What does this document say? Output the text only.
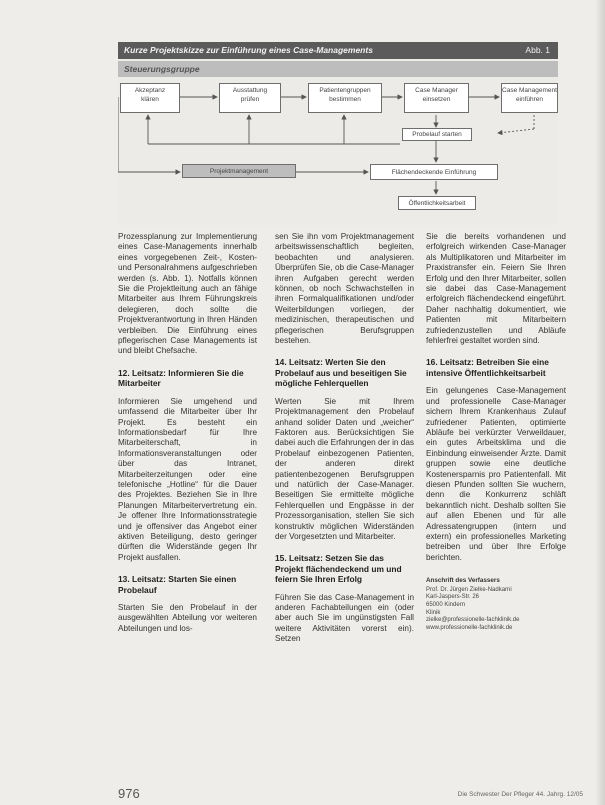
Kurze Projektskizze zur Einführung eines Case-Managements	Abb. 1
Steuerungsgruppe
Akzeptanz
klären
Ausstattung
prüfen
Patientengruppen
bestimmen
Case Manager
einsetzen
Case Management
einführen
Probelauf starten
Projektmanagement	Flächendeckende Einführung
Öffentlichkeitsarbeit

Prozessplanung zur Implementierung eines Case-Managements innerhalb eines vorgegebenen Zeit-, Kosten- und Personalrahmens aufgeschrieben werden (s. Abb. 1). Notfalls können Sie die Projektleitung auch an fähige Mitarbeiter aus Ihrem Führungskreis delegieren, doch sollte die Projektverantwortung in Ihren Händen verbleiben. Die Einführung eines pflegerischen Case Managements ist und bleibt Chefsache.

12. Leitsatz: Informieren Sie die Mitarbeiter

Informieren Sie umgehend und umfassend die Mitarbeiter über Ihr Projekt. Es besteht ein Informationsbedarf für Ihre Mitarbeiterschaft, in Informationsveranstaltungen oder über das Intranet, Mitarbeiterzeitungen oder eine telefonische „Hotline“ für die Dauer des Projektes. Beziehen Sie in Ihre Planungen Mitarbeitervertretung ein. Je offener Ihre Informationsstrategie und je offensiver das Angebot einer aktiven Beteiligung, desto geringer dürften die Widerstände gegen Ihr Projekt ausfallen.

13. Leitsatz: Starten Sie einen Probelauf

Starten Sie den Probelauf in der ausgewählten Abteilung vor weiteren Abteilungen und los-

sen Sie ihn vom Projektmanagement arbeitswissenschaftlich begleiten, beobachten und analysieren. Überprüfen Sie, ob die Case-Manager ihren Aufgaben gerecht werden können, ob noch Schwachstellen in ihren Formalqualifikationen und/oder Weiterbildungen vorliegen, der medizinischen, therapeutischen und pflegerischen Berufsgruppen bestehen.

14. Leitsatz: Werten Sie den Probelauf aus und beseitigen Sie mögliche Fehlerquellen

Werten Sie mit Ihrem Projektmanagement den Probelauf anhand solider Daten und „weicher“ Faktoren aus. Berücksichtigen Sie dabei auch die Erfahrungen der in das Probelauf einbezogenen Patienten, der anderen direkt patientenbezogenen Berufsgruppen und natürlich der Case-Manager. Beseitigen Sie ermittelte mögliche Fehlerquellen und Engpässe in der Prozessorganisation, stellen Sie sich konstruktiv möglichen Widerständen der Vorgesetzten und Mitarbeiter.

15. Leitsatz: Setzen Sie das Projekt flächendeckend um und feiern Sie Ihren Erfolg

Führen Sie das Case-Management in anderen Fachabteilungen ein (oder aber auch Sie im ungünstigsten Fall weitere Aktivitäten vorerst ein). Setzen

Sie die bereits vorhandenen und erfolgreich wirkenden Case-Manager als Multiplikatoren und Mitarbeiter im Praxistransfer ein. Feiern Sie Ihren Erfolg und den Ihrer Mitarbeiter, sollen sie dabei das Case-Management erfolgreich flächendeckend eingeführt. Daher nachhaltig dokumentiert, wie Patienten mit Mitarbeitern zufriedenzustellen und Abläufe fehlerfrei gestaltet worden sind.

16. Leitsatz: Betreiben Sie eine intensive Öffentlichkeitsarbeit

Ein gelungenes Case-Management und professionelle Case-Manager sichern Ihrem Krankenhaus Zulauf zufriedener Patienten, optimierte Abläufe bei verkürzter Verweildauer, ein gutes Arbeitsklima und die Einbindung einweisender Ärzte. Damit gruppen sowie eine deutliche Kostenersparnis pro Patientenfall. Mit diesen Pfunden sollten Sie wuchern, denn die Konkurrenz schläft bekanntlich nicht. Deshalb sollten Sie auf allen Ebenen und für alle Adressatengruppen (intern und extern) ein professionelles Marketing betreiben und über Ihre Erfolge berichten.

Anschrift des Verfassers
Prof. Dr. Jürgen Zielke-Nadkarni
Karl-Jaspers-Str. 26
65000 Kindern
Klinik
zielke@professionelle-fachklinik.de
www.professionelle-fachklinik.de
976	Die Schwester Der Pfleger 44. Jahrg. 12/05
